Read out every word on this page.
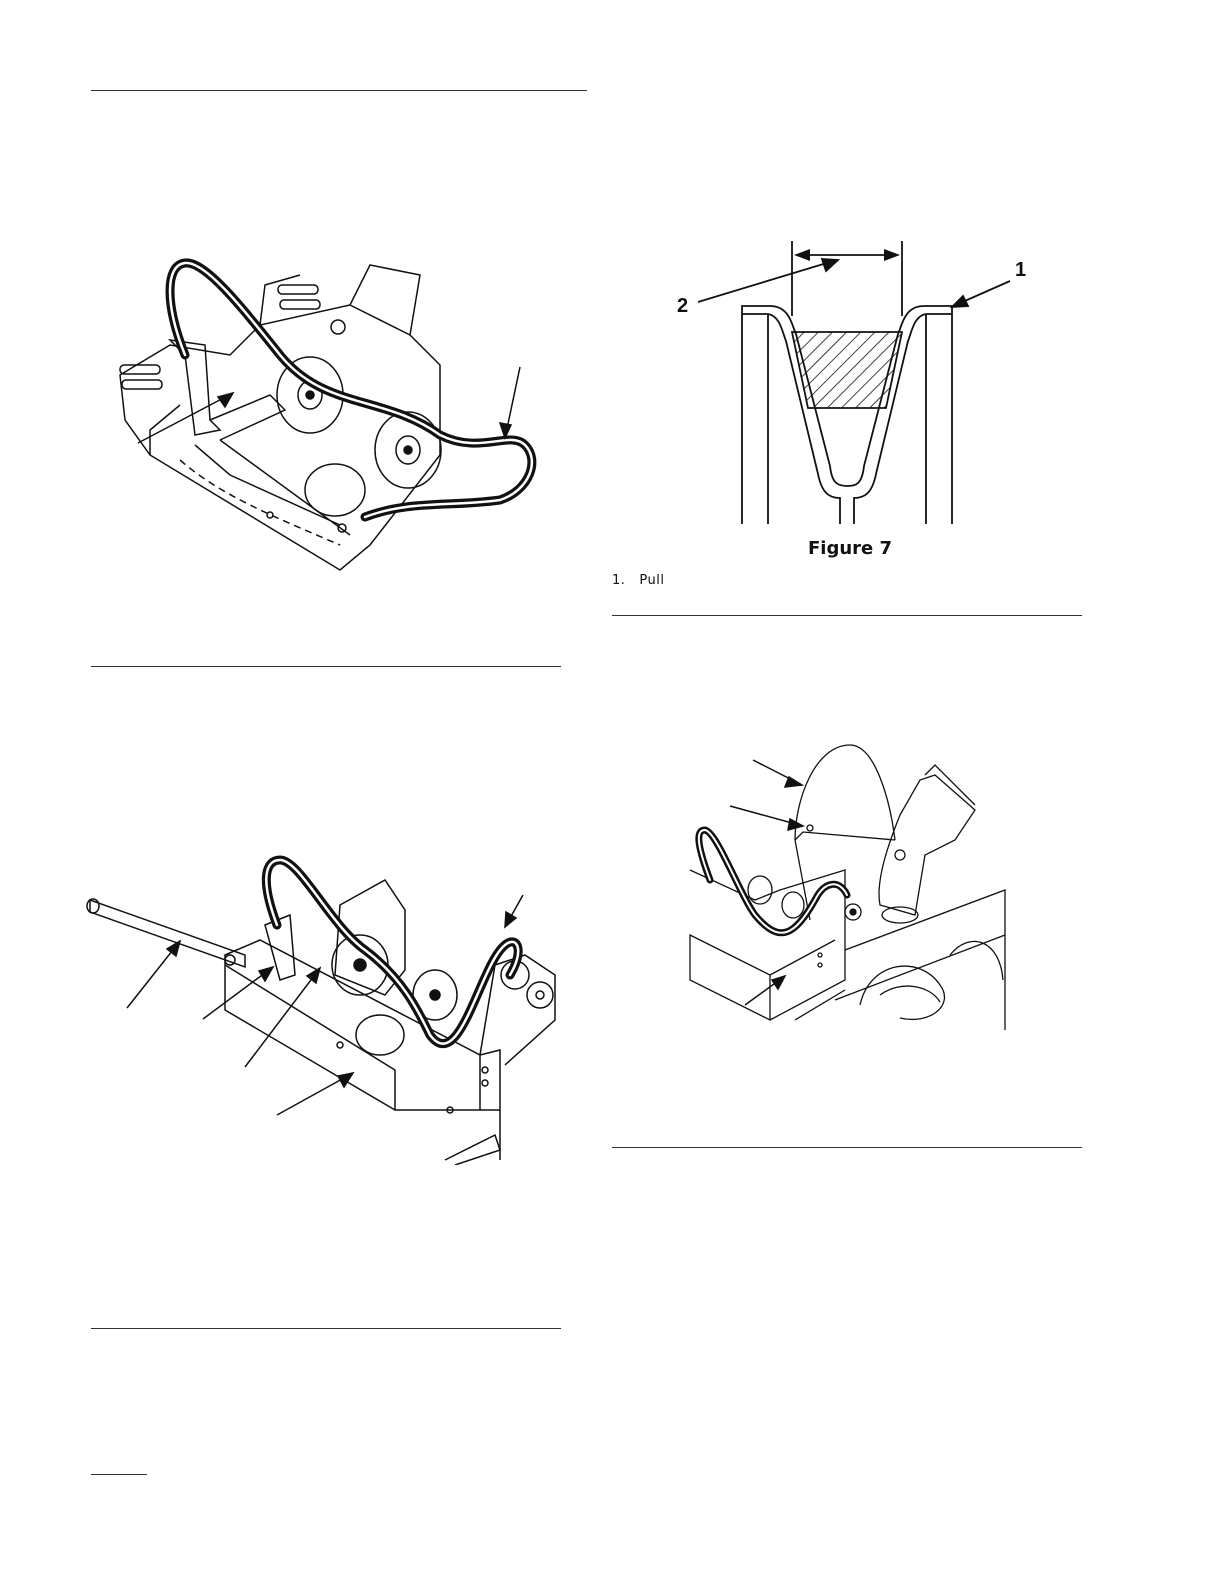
1
2
Figure 7
1. Pull
